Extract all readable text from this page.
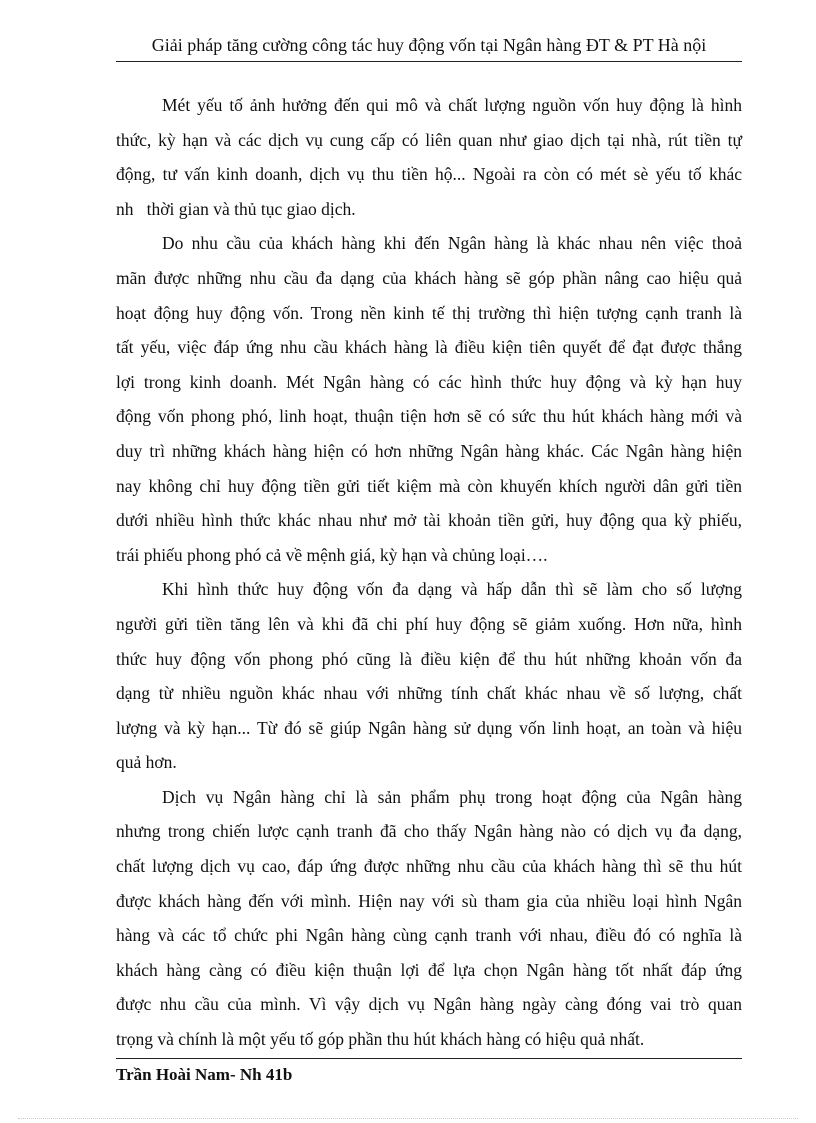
Giải pháp tăng cường công tác huy động vốn tại Ngân hàng ĐT & PT Hà nội
Mét yếu tố ảnh hưởng đến qui mô và chất lượng nguồn vốn huy động là hình
thức, kỳ hạn và các dịch vụ cung cấp có liên quan như giao dịch tại nhà, rút tiền tự
động, tư vấn kinh doanh, dịch vụ thu tiền hộ... Ngoài ra còn có mét sè yếu tố khác
nh   thời gian và thủ tục giao dịch.
Do nhu cầu của khách hàng khi đến Ngân hàng là khác nhau nên việc thoả
mãn được những nhu cầu đa dạng của khách hàng sẽ góp phần nâng cao hiệu quả
hoạt động huy động vốn. Trong nền kinh tế thị trường thì hiện tượng cạnh tranh là
tất yếu, việc đáp ứng nhu cầu khách hàng là điều kiện tiên quyết để đạt được thắng
lợi trong kinh doanh. Mét Ngân hàng có các hình thức huy động và kỳ hạn huy
động vốn phong phó, linh hoạt, thuận tiện hơn sẽ có sức thu hút khách hàng mới và
duy trì những khách hàng hiện có hơn những Ngân hàng khác. Các Ngân hàng hiện
nay không chỉ huy động tiền gửi tiết kiệm mà còn khuyến khích người dân gửi tiền
dưới nhiều hình thức khác nhau như mở tài khoản tiền gửi, huy động qua kỳ phiếu,
trái phiếu phong phó cả về mệnh giá, kỳ hạn và chủng loại….
Khi hình thức huy động vốn đa dạng và hấp dẫn thì sẽ làm cho số lượng
người gửi tiền tăng lên và khi đã chi phí huy động sẽ giảm xuống. Hơn nữa, hình
thức huy động vốn phong phó cũng là điều kiện để thu hút những khoản vốn đa
dạng từ nhiều nguồn khác nhau với những tính chất khác nhau về số lượng, chất
lượng và kỳ hạn... Từ đó sẽ giúp Ngân hàng sử dụng vốn linh hoạt, an toàn và hiệu
quả hơn.
Dịch vụ Ngân hàng chỉ là sản phẩm phụ trong hoạt động của Ngân hàng
nhưng trong chiến lược cạnh tranh đã cho thấy Ngân hàng nào có dịch vụ đa dạng,
chất lượng dịch vụ cao, đáp ứng được những nhu cầu của khách hàng thì sẽ thu hút
được khách hàng đến với mình. Hiện nay với sù tham gia của nhiều loại hình Ngân
hàng và các tổ chức phi Ngân hàng cùng cạnh tranh với nhau, điều đó có nghĩa là
khách hàng càng có điều kiện thuận lợi để lựa chọn Ngân hàng tốt nhất đáp ứng
được nhu cầu của mình. Vì vậy dịch vụ Ngân hàng ngày càng đóng vai trò quan
trọng và chính là một yếu tố góp phần thu hút khách hàng có hiệu quả nhất.
Trần Hoài Nam- Nh 41b
